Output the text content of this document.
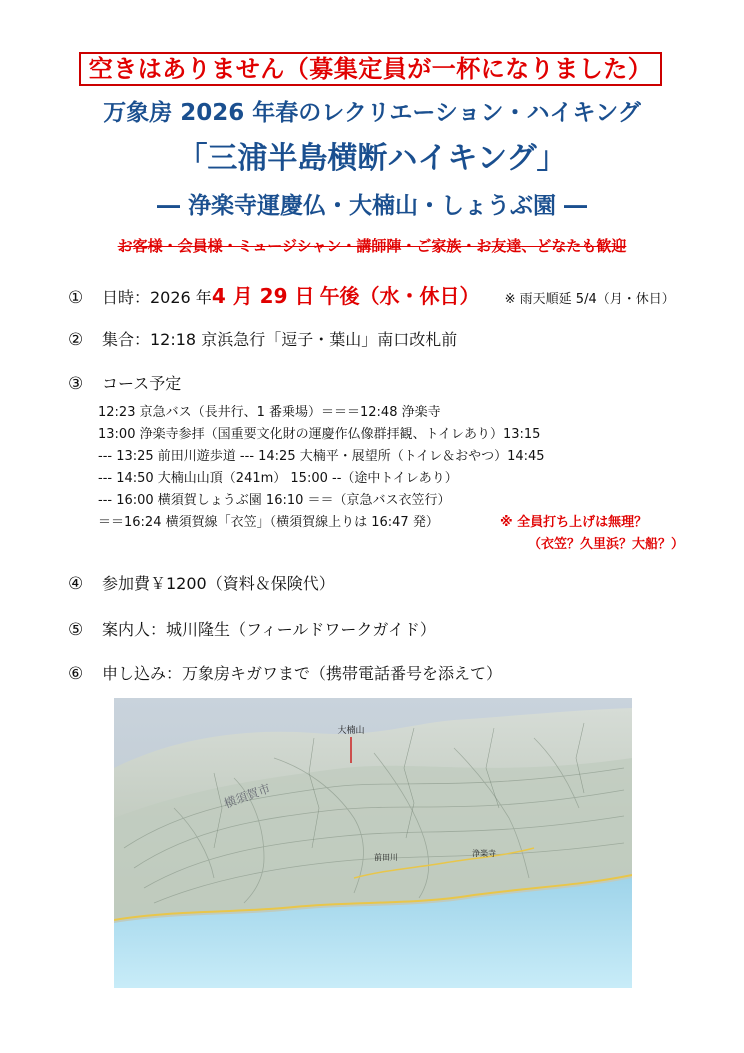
空きはありません（募集定員が一杯になりました）
万象房 2026 年春のレクリエーション・ハイキング
「三浦半島横断ハイキング」
― 浄楽寺運慶仏・大楠山・しょうぶ園 ―
お客様・会員様・ミュージシャン・講師陣・ご家族・お友達、どなたも歓迎
① 日時：2026 年4 月 29 日 午後（水・休日） ※ 雨天順延 5/4（月・休日）
② 集合：12:18 京浜急行「逗子・葉山」南口改札前
③ コース予定
12:23 京急バス（長井行、1 番乗場）＝＝＝12:48 浄楽寺
13:00 浄楽寺参拝（国重要文化財の運慶作仏像群拝観、トイレあり）13:15
--- 13:25 前田川遊歩道 --- 14:25 大楠平・展望所（トイレ＆おやつ）14:45
--- 14:50 大楠山山頂（241m） 15:00 --（途中トイレあり）
--- 16:00 横須賀しょうぶ園 16:10 ＝＝（京急バス衣笠行）
＝＝16:24 横須賀線「衣笠」（横須賀線上りは 16:47 発）	※ 全員打ち上げは無理？
（衣笠？久里浜？大船？）
④ 参加費￥1200（資料＆保険代）
⑤ 案内人：城川隆生（フィールドワークガイド）
⑥ 申し込み：万象房キガワまで（携帯電話番号を添えて）
大楠山
前田川	浄楽寺
横須賀市
